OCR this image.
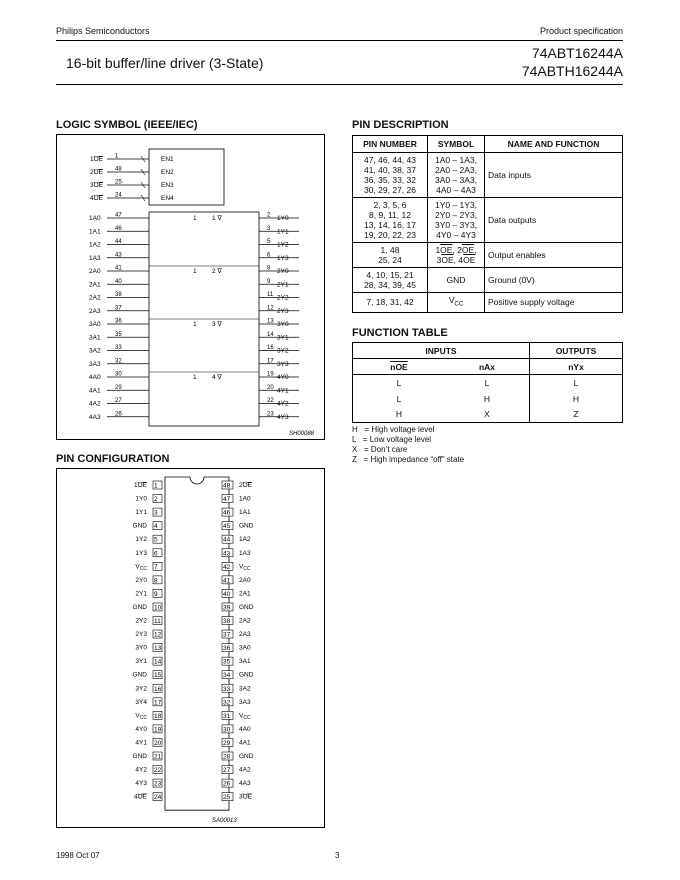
Philips Semiconductors	Product specification
16-bit buffer/line driver (3-State)
74ABT16244A
74ABTH16244A
LOGIC SYMBOL (IEEE/IEC)
1OE 1	EN1
2OE 48	EN2
3OE 25	EN3
4OE 24	EN4
1A0 47	2 1Y0
1 1 ∇
1A1 46	3 1Y1
1A2 44	5 1Y2
1A3 43	6 1Y3
2A0 41	8 2Y0
1 2 ∇
2A1 40	9 2Y1
2A2 38	11 2Y2
2A3 37	12 2Y3
3A0 36	13 3Y0
1 3 ∇
3A1 35	14 3Y1
3A2 33	16 3Y2
3A3 32	17 3Y3
4A0 30	19 4Y0
1 4 ∇
4A1 29	20 4Y1
4A2 27	22 4Y2
4A3 26	23 4Y3
SH00088
PIN DESCRIPTION
PIN NUMBER	SYMBOL	NAME AND FUNCTION
47, 46, 44, 43
41, 40, 38, 37
36, 35, 33, 32
30, 29, 27, 26	1A0 – 1A3,
2A0 – 2A3,
3A0 – 3A3,
4A0 – 4A3	Data inputs
2, 3, 5, 6
8, 9, 11, 12
13, 14, 16, 17
19, 20, 22, 23	1Y0 – 1Y3,
2Y0 – 2Y3,
3Y0 – 3Y3,
4Y0 – 4Y3	Data outputs
1, 48
25, 24	$1\overline{OE}$, $2\overline{OE}$,
$3\overline{OE}$, $4\overline{OE}$	Output enables
4, 10, 15, 21
28, 34, 39, 45	GND	Ground (0V)
7, 18, 31, 42	$V_{CC}$	Positive supply voltage
FUNCTION TABLE
INPUTS		OUTPUTS
$\overline{nOE}$	nAx	nYx
L	L	L
L	H	H
H	X	Z
H   = High voltage level
L   = Low voltage level
X   = Don’t care
Z   = High impedance “off” state
PIN CONFIGURATION
1OE 1
1Y0 2
1Y1 3
GND 4
1Y2 5
1Y3 6
$V_{CC}$ 7
2Y0 8
2Y1 9
GND 10
2Y2 11
2Y3 12
3Y0 13
3Y1 14
GND 15
3Y2 16
3Y4 17
$V_{CC}$ 18
4Y0 19
4Y1 20
GND 21
4Y2 22
4Y3 23
4OE 24
48 2OE
47 1A0
46 1A1
45 GND
44 1A2
43 1A3
42 $V_{CC}$
41 2A0
40 2A1
39 GND
38 2A2
37 2A3
36 3A0
35 3A1
34 GND
33 3A2
32 3A3
31 $V_{CC}$
30 4A0
29 4A1
28 GND
27 4A2
26 4A3
25 3OE
SA00013
1998 Oct 07	3
